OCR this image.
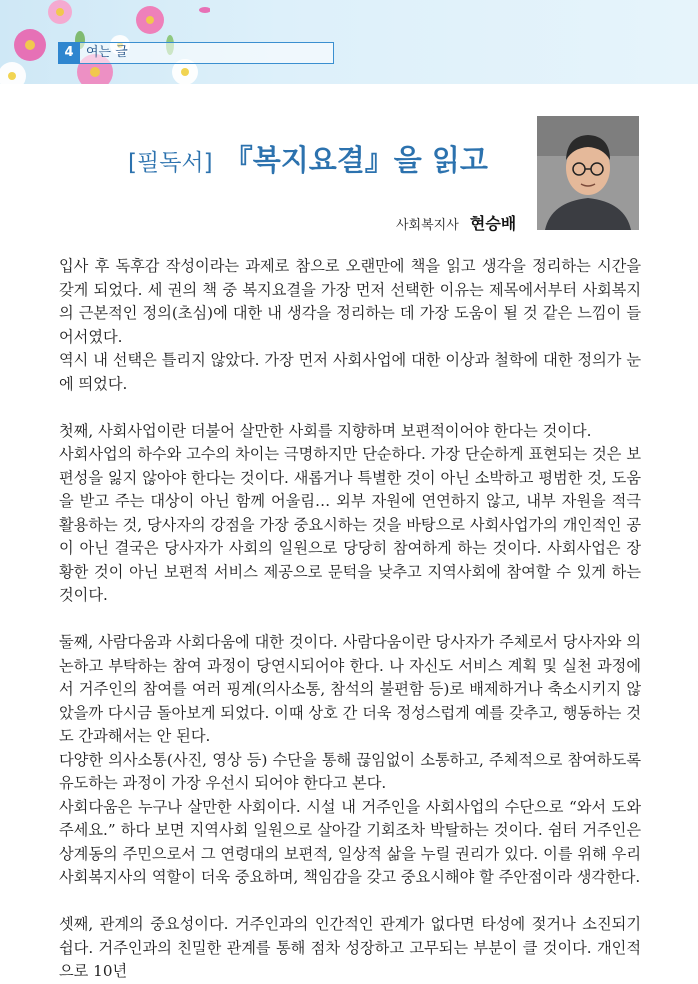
4 여는 글
[필독서] 『복지요결』을 읽고
사회복지사 현승배

입사 후 독후감 작성이라는 과제로 참으로 오랜만에 책을 읽고 생각을 정리하는 시간을 갖게 되었다. 세 권의 책 중 복지요결을 가장 먼저 선택한 이유는 제목에서부터 사회복지의 근본적인 정의(초심)에 대한 내 생각을 정리하는 데 가장 도움이 될 것 같은 느낌이 들어서였다.

역시 내 선택은 틀리지 않았다. 가장 먼저 사회사업에 대한 이상과 철학에 대한 정의가 눈에 띄었다.

첫째, 사회사업이란 더불어 살만한 사회를 지향하며 보편적이어야 한다는 것이다.

사회사업의 하수와 고수의 차이는 극명하지만 단순하다. 가장 단순하게 표현되는 것은 보편성을 잃지 않아야 한다는 것이다. 새롭거나 특별한 것이 아닌 소박하고 평범한 것, 도움을 받고 주는 대상이 아닌 함께 어울림… 외부 자원에 연연하지 않고, 내부 자원을 적극 활용하는 것, 당사자의 강점을 가장 중요시하는 것을 바탕으로 사회사업가의 개인적인 공이 아닌 결국은 당사자가 사회의 일원으로 당당히 참여하게 하는 것이다. 사회사업은 장황한 것이 아닌 보편적 서비스 제공으로 문턱을 낮추고 지역사회에 참여할 수 있게 하는 것이다.

둘째, 사람다움과 사회다움에 대한 것이다. 사람다움이란 당사자가 주체로서 당사자와 의논하고 부탁하는 참여 과정이 당연시되어야 한다. 나 자신도 서비스 계획 및 실천 과정에서 거주인의 참여를 여러 핑계(의사소통, 참석의 불편함 등)로 배제하거나 축소시키지 않았을까 다시금 돌아보게 되었다. 이때 상호 간 더욱 정성스럽게 예를 갖추고, 행동하는 것도 간과해서는 안 된다.

다양한 의사소통(사진, 영상 등) 수단을 통해 끊임없이 소통하고, 주체적으로 참여하도록 유도하는 과정이 가장 우선시 되어야 한다고 본다.

사회다움은 누구나 살만한 사회이다. 시설 내 거주인을 사회사업의 수단으로 “와서 도와주세요.” 하다 보면 지역사회 일원으로 살아갈 기회조차 박탈하는 것이다. 쉼터 거주인은 상계동의 주민으로서 그 연령대의 보편적, 일상적 삶을 누릴 권리가 있다. 이를 위해 우리 사회복지사의 역할이 더욱 중요하며, 책임감을 갖고 중요시해야 할 주안점이라 생각한다.

셋째, 관계의 중요성이다. 거주인과의 인간적인 관계가 없다면 타성에 젖거나 소진되기 쉽다. 거주인과의 친밀한 관계를 통해 점차 성장하고 고무되는 부분이 클 것이다. 개인적으로 10년
